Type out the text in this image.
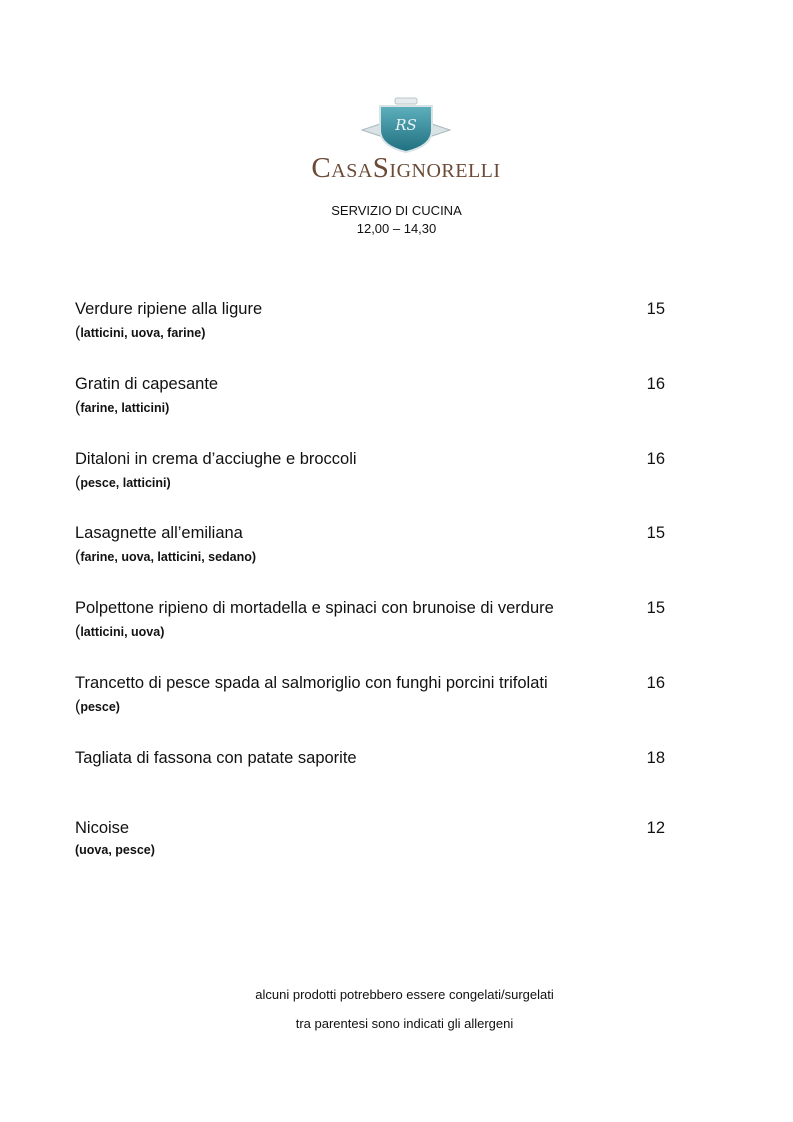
RS
CasaSignorelli
SERVIZIO DI CUCINA
12,00 – 14,30
Verdure ripiene alla ligure	15
(latticini, uova, farine)
Gratin di capesante	16
(farine, latticini)
Ditaloni in crema d’acciughe e broccoli	16
(pesce, latticini)
Lasagnette all’emiliana	15
(farine, uova, latticini, sedano)
Polpettone ripieno di mortadella e spinaci con brunoise di verdure	15
(latticini, uova)
Trancetto di pesce spada al salmoriglio con funghi porcini trifolati	16
(pesce)
Tagliata di fassona con patate saporite	18
Nicoise	12
(uova, pesce)
alcuni prodotti potrebbero essere congelati/surgelati
tra parentesi sono indicati gli allergeni
